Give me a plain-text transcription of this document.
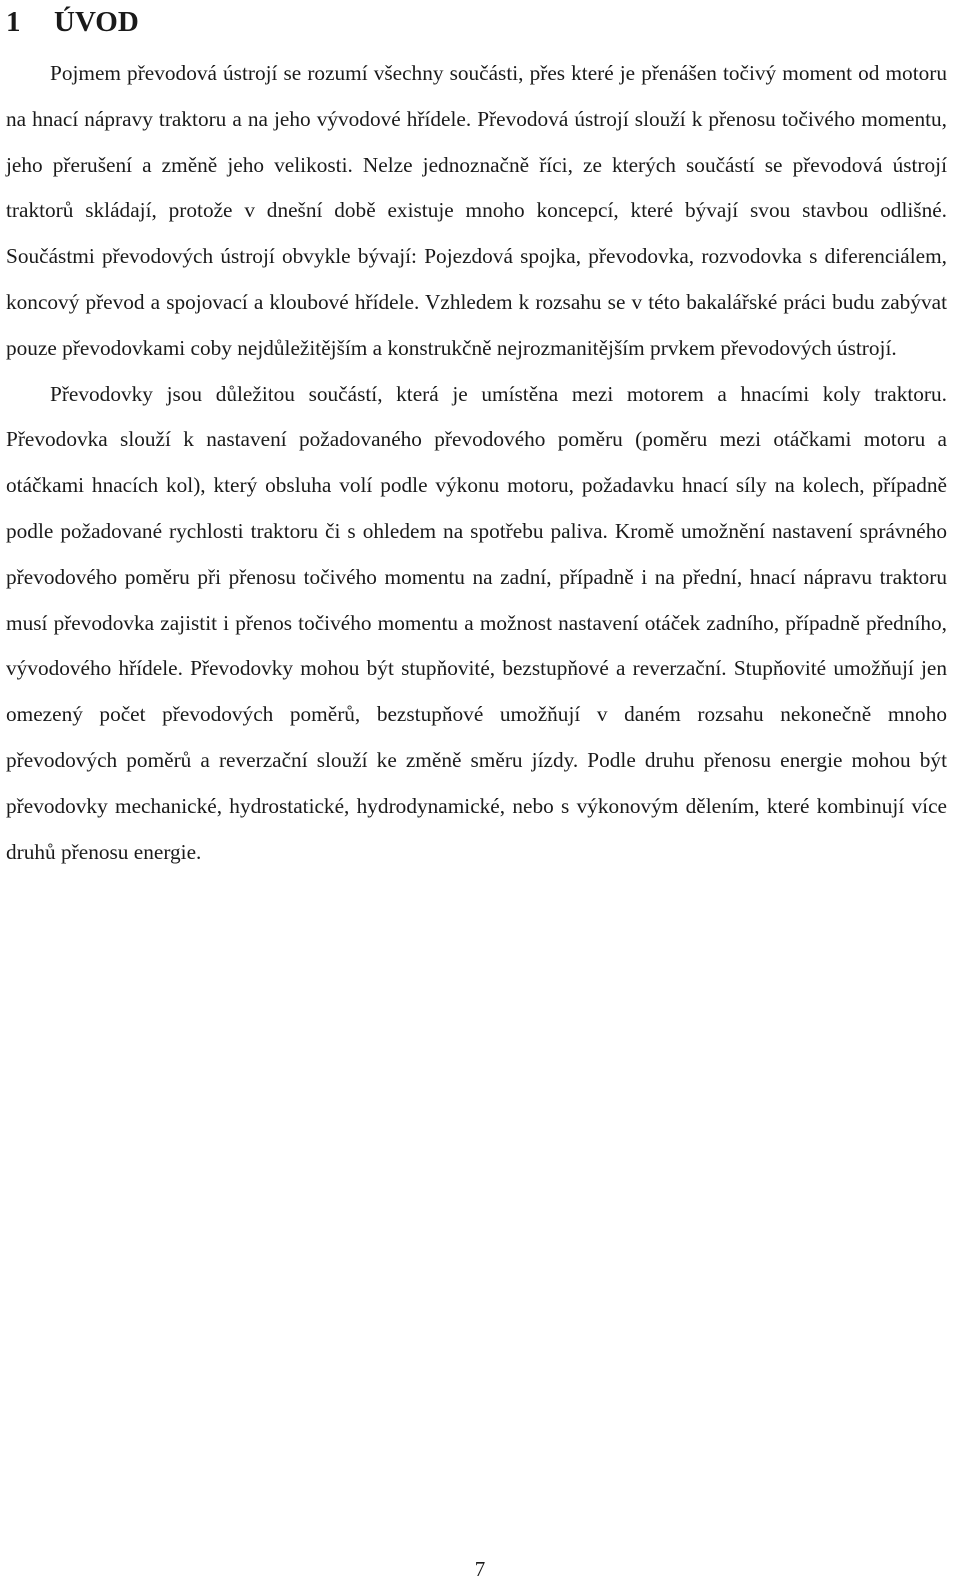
1 ÚVOD

Pojmem převodová ústrojí se rozumí všechny součásti, přes které je přenášen točivý moment od motoru na hnací nápravy traktoru a na jeho vývodové hřídele. Převodová ústrojí slouží k přenosu točivého momentu, jeho přerušení a změně jeho velikosti. Nelze jednoznačně říci, ze kterých součástí se převodová ústrojí traktorů skládají, protože v dnešní době existuje mnoho koncepcí, které bývají svou stavbou odlišné. Součástmi převodových ústrojí obvykle bývají: Pojezdová spojka, převodovka, rozvodovka s diferenciálem, koncový převod a spojovací a kloubové hřídele. Vzhledem k rozsahu se v této bakalářské práci budu zabývat pouze převodovkami coby nejdůležitějším a konstrukčně nejrozmanitějším prvkem převodových ústrojí.

Převodovky jsou důležitou součástí, která je umístěna mezi motorem a hnacími koly traktoru. Převodovka slouží k nastavení požadovaného převodového poměru (poměru mezi otáčkami motoru a otáčkami hnacích kol), který obsluha volí podle výkonu motoru, požadavku hnací síly na kolech, případně podle požadované rychlosti traktoru či s ohledem na spotřebu paliva. Kromě umožnění nastavení správného převodového poměru při přenosu točivého momentu na zadní, případně i na přední, hnací nápravu traktoru musí převodovka zajistit i přenos točivého momentu a možnost nastavení otáček zadního, případně předního, vývodového hřídele. Převodovky mohou být stupňovité, bezstupňové a reverzační. Stupňovité umožňují jen omezený počet převodových poměrů, bezstupňové umožňují v daném rozsahu nekonečně mnoho převodových poměrů a reverzační slouží ke změně směru jízdy. Podle druhu přenosu energie mohou být převodovky mechanické, hydrostatické, hydrodynamické, nebo s výkonovým dělením, které kombinují více druhů přenosu energie.

7
